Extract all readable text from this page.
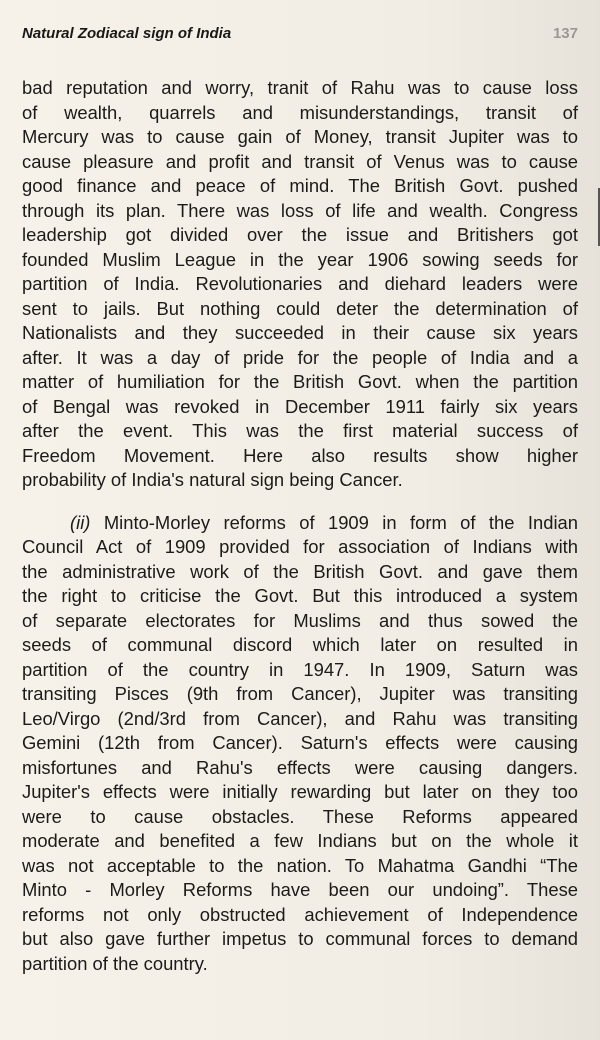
Natural Zodiacal sign of India	137

bad reputation and worry, tranit of Rahu was to cause loss
of wealth, quarrels and misunderstandings, transit of
Mercury was to cause gain of Money, transit Jupiter was to
cause pleasure and profit and transit of Venus was to cause
good finance and peace of mind. The British Govt. pushed
through its plan. There was loss of life and wealth. Congress
leadership got divided over the issue and Britishers got
founded Muslim League in the year 1906 sowing seeds for
partition of India. Revolutionaries and diehard leaders were
sent to jails. But nothing could deter the determination of
Nationalists and they succeeded in their cause six years
after. It was a day of pride for the people of India and a
matter of humiliation for the British Govt. when the partition
of Bengal was revoked in December 1911 fairly six years
after the event. This was the first material success of
Freedom Movement. Here also results show higher
probability of India's natural sign being Cancer.

(ii) Minto-Morley reforms of 1909 in form of the Indian
Council Act of 1909 provided for association of Indians with
the administrative work of the British Govt. and gave them
the right to criticise the Govt. But this introduced a system
of separate electorates for Muslims and thus sowed the
seeds of communal discord which later on resulted in
partition of the country in 1947. In 1909, Saturn was
transiting Pisces (9th from Cancer), Jupiter was transiting
Leo/Virgo (2nd/3rd from Cancer), and Rahu was transiting
Gemini (12th from Cancer). Saturn's effects were causing
misfortunes and Rahu's effects were causing dangers.
Jupiter's effects were initially rewarding but later on they too
were to cause obstacles. These Reforms appeared
moderate and benefited a few Indians but on the whole it
was not acceptable to the nation. To Mahatma Gandhi “The
Minto - Morley Reforms have been our undoing”. These
reforms not only obstructed achievement of Independence
but also gave further impetus to communal forces to demand
partition of the country.
